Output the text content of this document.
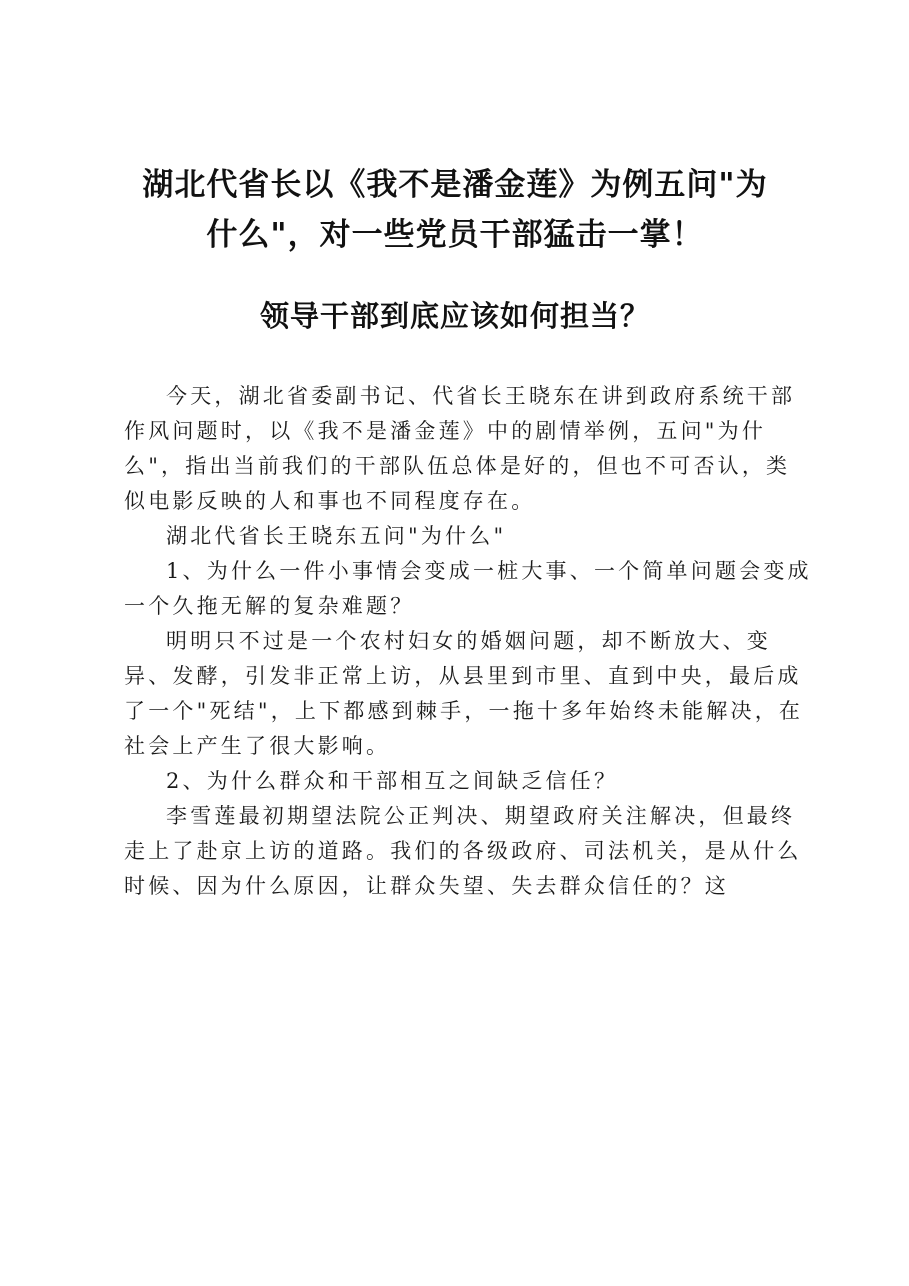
湖北代省长以《我不是潘金莲》为例五问"为
什么"，对一些党员干部猛击一掌！
领导干部到底应该如何担当？

今天，湖北省委副书记、代省长王晓东在讲到政府系统干部作风问题时，以《我不是潘金莲》中的剧情举例，五问"为什么"，指出当前我们的干部队伍总体是好的，但也不可否认，类似电影反映的人和事也不同程度存在。

湖北代省长王晓东五问"为什么"

1、为什么一件小事情会变成一桩大事、一个简单问题会变成一个久拖无解的复杂难题？

明明只不过是一个农村妇女的婚姻问题，却不断放大、变异、发酵，引发非正常上访，从县里到市里、直到中央，最后成了一个"死结"，上下都感到棘手，一拖十多年始终未能解决，在社会上产生了很大影响。

2、为什么群众和干部相互之间缺乏信任？

李雪莲最初期望法院公正判决、期望政府关注解决，但最终走上了赴京上访的道路。我们的各级政府、司法机关，是从什么时候、因为什么原因，让群众失望、失去群众信任的？这
